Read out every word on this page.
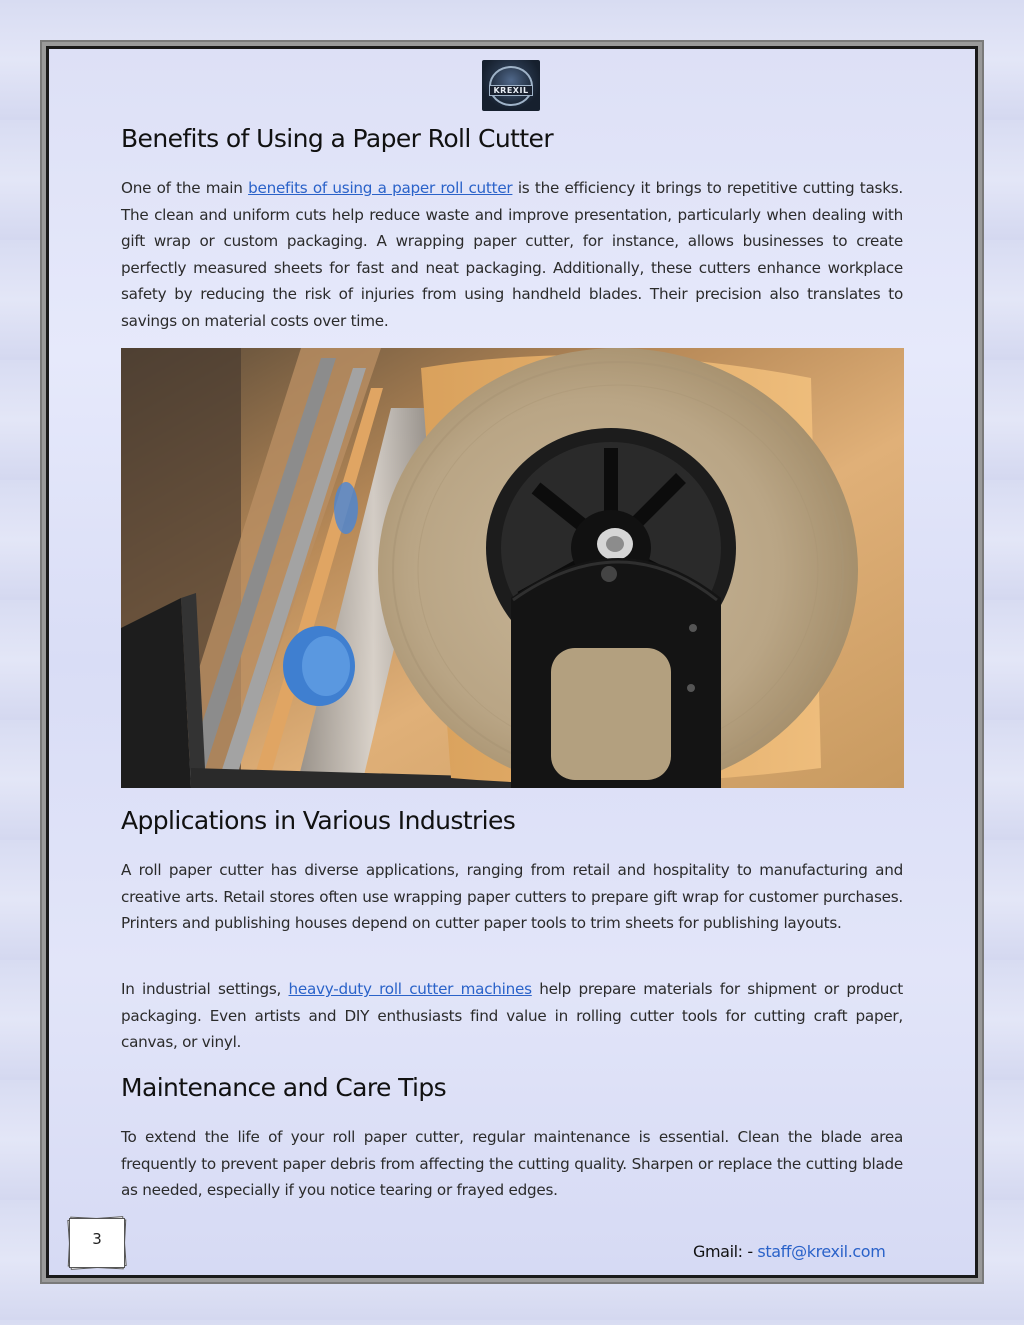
KREXIL
Benefits of Using a Paper Roll Cutter

One of the main benefits of using a paper roll cutter is the efficiency it brings to repetitive cutting tasks. The clean and uniform cuts help reduce waste and improve presentation, particularly when dealing with gift wrap or custom packaging. A wrapping paper cutter, for instance, allows businesses to create perfectly measured sheets for fast and neat packaging. Additionally, these cutters enhance workplace safety by reducing the risk of injuries from using handheld blades. Their precision also translates to savings on material costs over time.

Applications in Various Industries

A roll paper cutter has diverse applications, ranging from retail and hospitality to manufacturing and creative arts. Retail stores often use wrapping paper cutters to prepare gift wrap for customer purchases. Printers and publishing houses depend on cutter paper tools to trim sheets for publishing layouts.

In industrial settings, heavy-duty roll cutter machines help prepare materials for shipment or product packaging. Even artists and DIY enthusiasts find value in rolling cutter tools for cutting craft paper, canvas, or vinyl.

Maintenance and Care Tips

To extend the life of your roll paper cutter, regular maintenance is essential. Clean the blade area frequently to prevent paper debris from affecting the cutting quality. Sharpen or replace the cutting blade as needed, especially if you notice tearing or frayed edges.

3
Gmail: - staff@krexil.com
